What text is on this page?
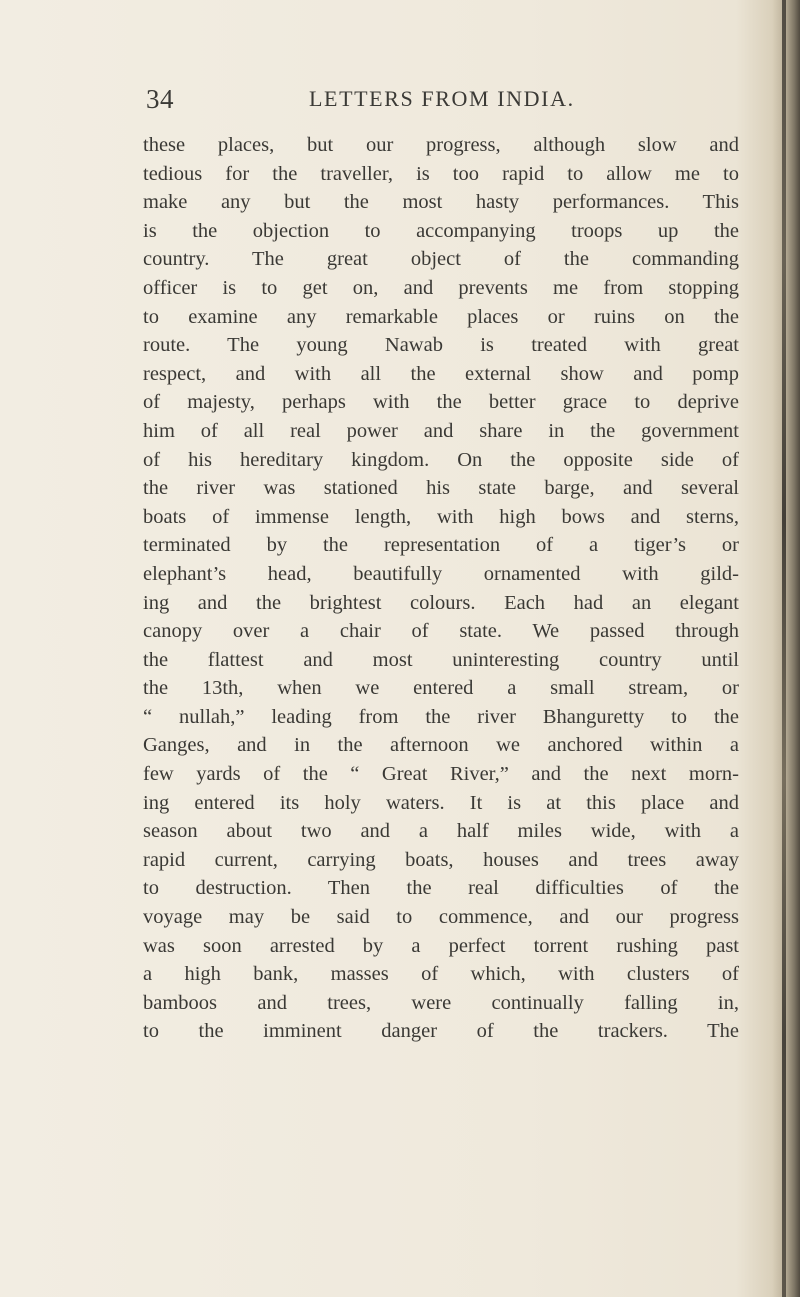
34	LETTERS FROM INDIA.
these places, but our progress, although slow and
tedious for the traveller, is too rapid to allow me to
make any but the most hasty performances. This
is the objection to accompanying troops up the
country. The great object of the commanding
officer is to get on, and prevents me from stopping
to examine any remarkable places or ruins on the
route. The young Nawab is treated with great
respect, and with all the external show and pomp
of majesty, perhaps with the better grace to deprive
him of all real power and share in the government
of his hereditary kingdom. On the opposite side of
the river was stationed his state barge, and several
boats of immense length, with high bows and sterns,
terminated by the representation of a tiger’s or
elephant’s head, beautifully ornamented with gild-
ing and the brightest colours. Each had an elegant
canopy over a chair of state. We passed through
the flattest and most uninteresting country until
the 13th, when we entered a small stream, or
“ nullah,” leading from the river Bhanguretty to the
Ganges, and in the afternoon we anchored within a
few yards of the “ Great River,” and the next morn-
ing entered its holy waters. It is at this place and
season about two and a half miles wide, with a
rapid current, carrying boats, houses and trees away
to destruction. Then the real difficulties of the
voyage may be said to commence, and our progress
was soon arrested by a perfect torrent rushing past
a high bank, masses of which, with clusters of
bamboos and trees, were continually falling in,
to the imminent danger of the trackers. The
